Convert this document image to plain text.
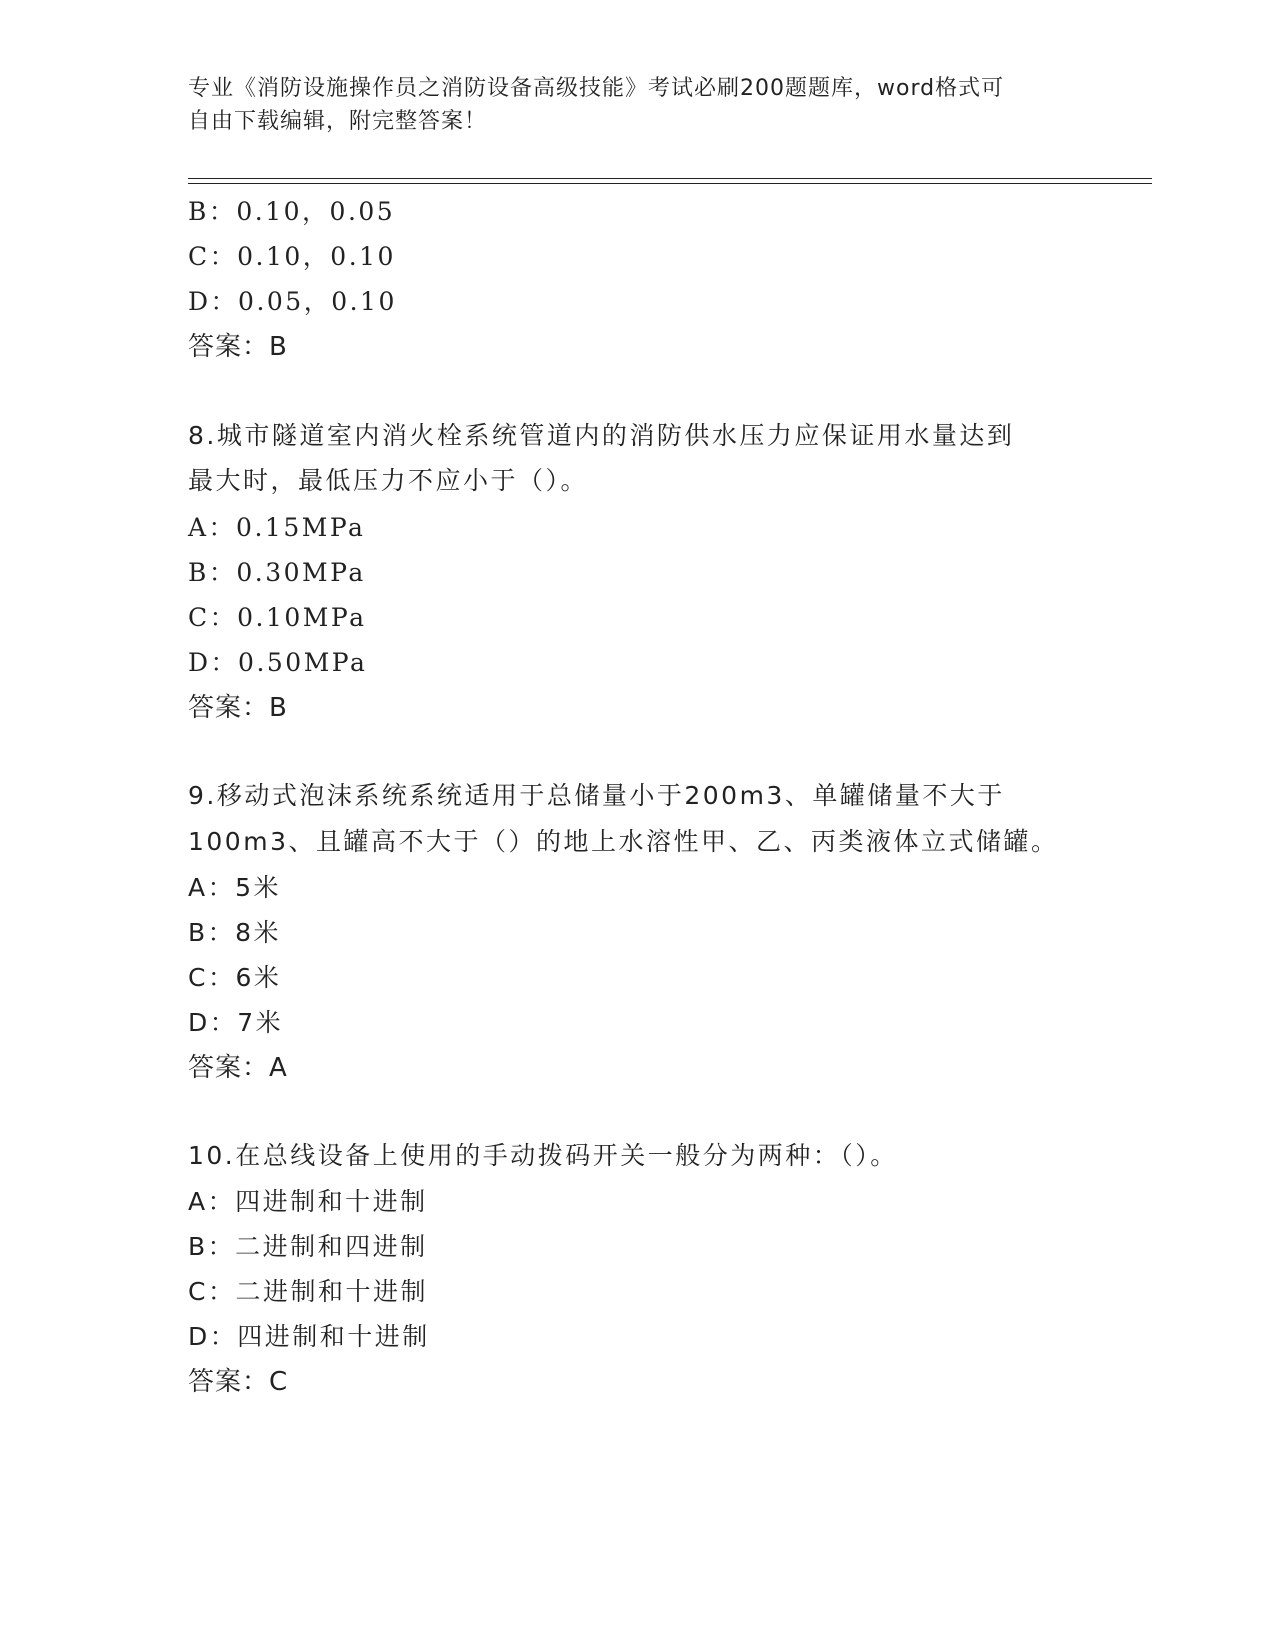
专业《消防设施操作员之消防设备高级技能》考试必刷200题题库，word格式可
自由下载编辑，附完整答案！
B：0.10，0.05
C：0.10，0.10
D：0.05，0.10
答案：B
8.城市隧道室内消火栓系统管道内的消防供水压力应保证用水量达到
最大时，最低压力不应小于（）。
A：0.15MPa
B：0.30MPa
C：0.10MPa
D：0.50MPa
答案：B
9.移动式泡沫系统系统适用于总储量小于200m3、单罐储量不大于
100m3、且罐高不大于（）的地上水溶性甲、乙、丙类液体立式储罐。
A：5米
B：8米
C：6米
D：7米
答案：A
10.在总线设备上使用的手动拨码开关一般分为两种：（）。
A：四进制和十进制
B：二进制和四进制
C：二进制和十进制
D：四进制和十进制
答案：C
